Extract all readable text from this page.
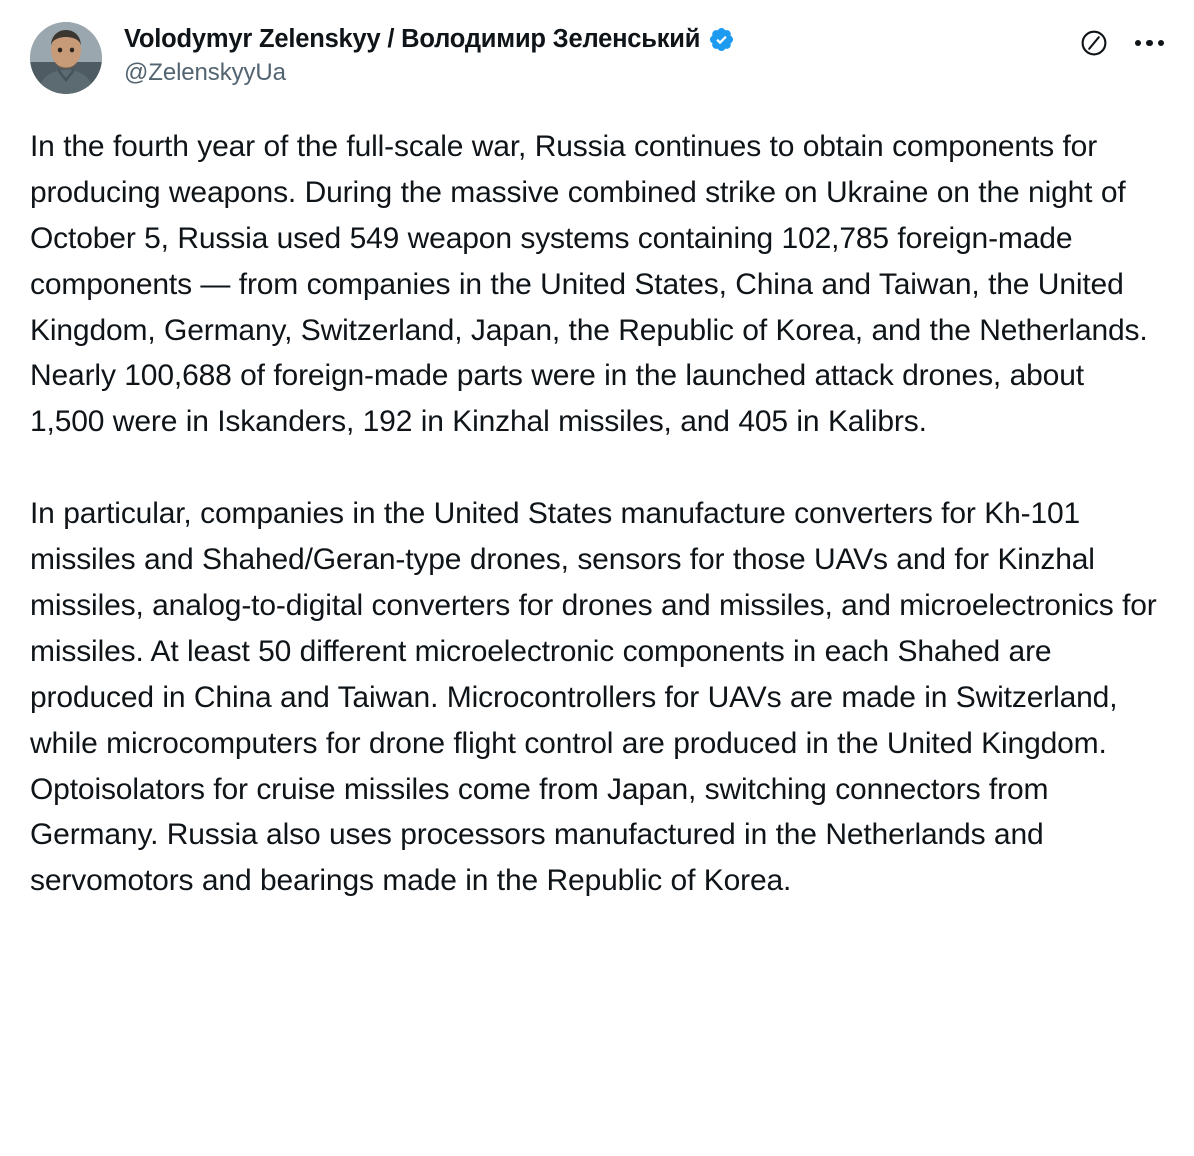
Volodymyr Zelenskyy / Володимир Зеленський
@ZelenskyyUa

In the fourth year of the full-scale war, Russia continues to obtain components for producing weapons. During the massive combined strike on Ukraine on the night of October 5, Russia used 549 weapon systems containing 102,785 foreign-made components — from companies in the United States, China and Taiwan, the United Kingdom, Germany, Switzerland, Japan, the Republic of Korea, and the Netherlands. Nearly 100,688 of foreign-made parts were in the launched attack drones, about 1,500 were in Iskanders, 192 in Kinzhal missiles, and 405 in Kalibrs.

In particular, companies in the United States manufacture converters for Kh-101 missiles and Shahed/Geran-type drones, sensors for those UAVs and for Kinzhal missiles, analog-to-digital converters for drones and missiles, and microelectronics for missiles. At least 50 different microelectronic components in each Shahed are produced in China and Taiwan. Microcontrollers for UAVs are made in Switzerland, while microcomputers for drone flight control are produced in the United Kingdom. Optoisolators for cruise missiles come from Japan, switching connectors from Germany. Russia also uses processors manufactured in the Netherlands and servomotors and bearings made in the Republic of Korea.
